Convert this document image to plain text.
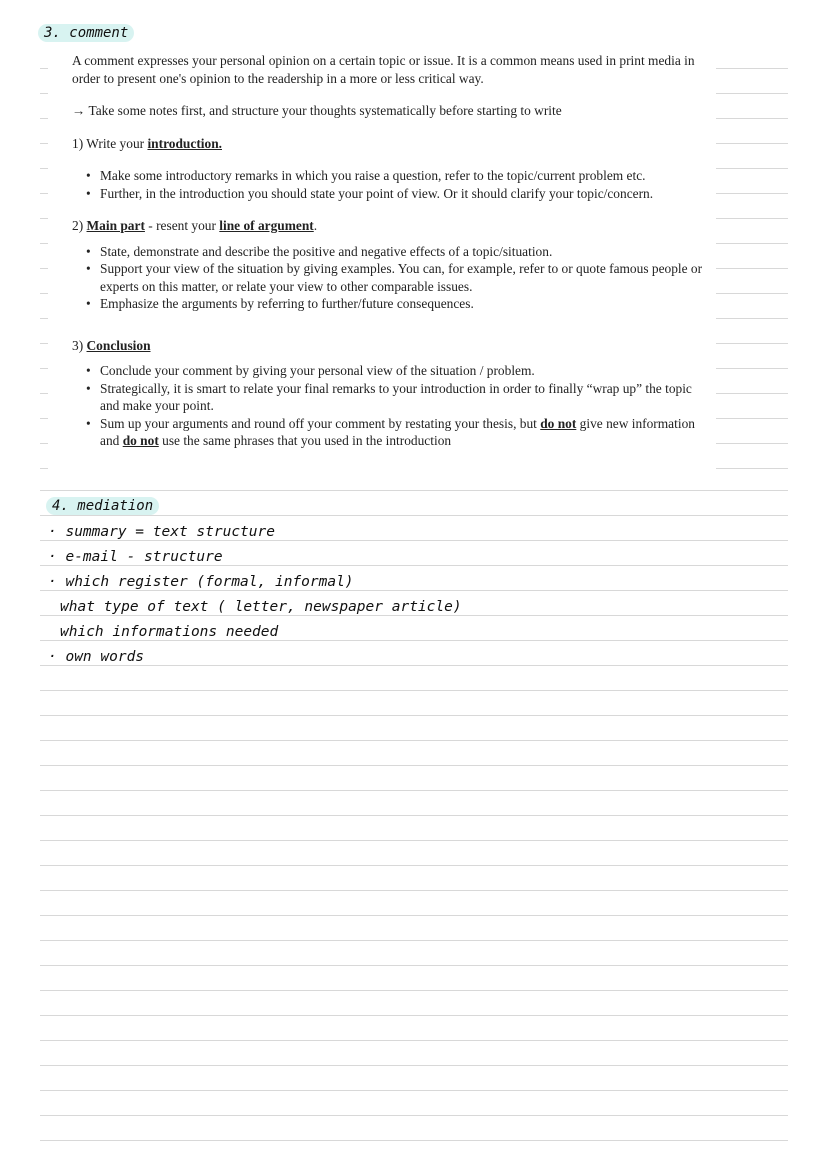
3. comment

A comment expresses your personal opinion on a certain topic or issue. It is a common means used in print media in order to present one's opinion to the readership in a more or less critical way.

→ Take some notes first, and structure your thoughts systematically before starting to write

1) Write your introduction.

• Make some introductory remarks in which you raise a question, refer to the topic/current problem etc.
• Further, in the introduction you should state your point of view. Or it should clarify your topic/concern.

2) Main part - resent your line of argument.

• State, demonstrate and describe the positive and negative effects of a topic/situation.
• Support your view of the situation by giving examples. You can, for example, refer to or quote famous people or experts on this matter, or relate your view to other comparable issues.
• Emphasize the arguments by referring to further/future consequences.

3) Conclusion

• Conclude your comment by giving your personal view of the situation / problem.
• Strategically, it is smart to relate your final remarks to your introduction in order to finally “wrap up” the topic and make your point.
• Sum up your arguments and round off your comment by restating your thesis, but do not give new information and do not use the same phrases that you used in the introduction
4. mediation
· summary = text structure
· e-mail - structure
· which register (formal, informal)
what type of text ( letter, newspaper article)
which informations needed
· own words
